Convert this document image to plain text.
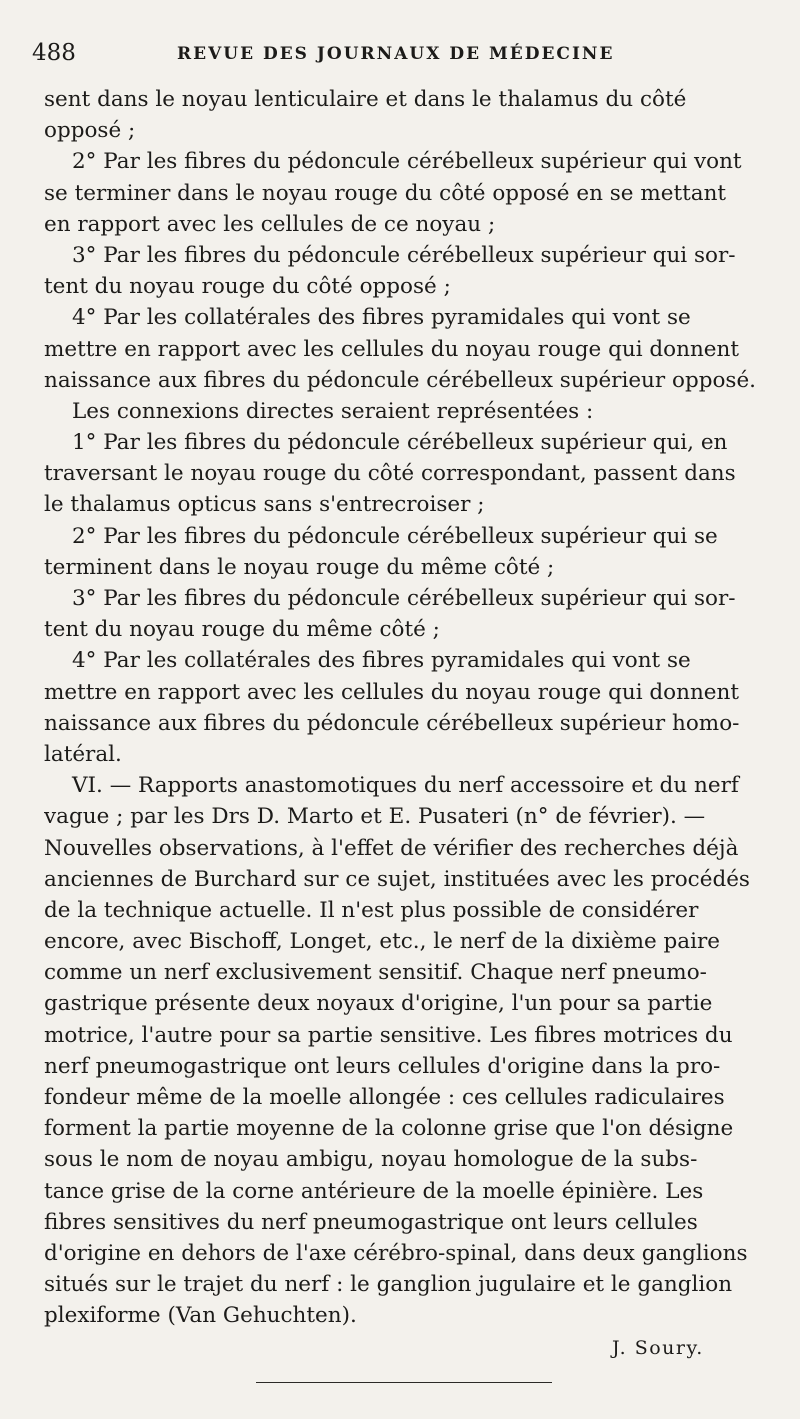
488	REVUE DES JOURNAUX DE MÉDECINE
sent dans le noyau lenticulaire et dans le thalamus du côté
opposé ;
2° Par les fibres du pédoncule cérébelleux supérieur qui vont
se terminer dans le noyau rouge du côté opposé en se mettant
en rapport avec les cellules de ce noyau ;
3° Par les fibres du pédoncule cérébelleux supérieur qui sor-
tent du noyau rouge du côté opposé ;
4° Par les collatérales des fibres pyramidales qui vont se
mettre en rapport avec les cellules du noyau rouge qui donnent
naissance aux fibres du pédoncule cérébelleux supérieur opposé.
Les connexions directes seraient représentées :
1° Par les fibres du pédoncule cérébelleux supérieur qui, en
traversant le noyau rouge du côté correspondant, passent dans
le thalamus opticus sans s'entrecroiser ;
2° Par les fibres du pédoncule cérébelleux supérieur qui se
terminent dans le noyau rouge du même côté ;
3° Par les fibres du pédoncule cérébelleux supérieur qui sor-
tent du noyau rouge du même côté ;
4° Par les collatérales des fibres pyramidales qui vont se
mettre en rapport avec les cellules du noyau rouge qui donnent
naissance aux fibres du pédoncule cérébelleux supérieur homo-
latéral.
VI. — Rapports anastomotiques du nerf accessoire et du nerf
vague ; par les Drs D. Marto et E. Pusateri (n° de février). —
Nouvelles observations, à l'effet de vérifier des recherches déjà
anciennes de Burchard sur ce sujet, instituées avec les procédés
de la technique actuelle. Il n'est plus possible de considérer
encore, avec Bischoff, Longet, etc., le nerf de la dixième paire
comme un nerf exclusivement sensitif. Chaque nerf pneumo-
gastrique présente deux noyaux d'origine, l'un pour sa partie
motrice, l'autre pour sa partie sensitive. Les fibres motrices du
nerf pneumogastrique ont leurs cellules d'origine dans la pro-
fondeur même de la moelle allongée : ces cellules radiculaires
forment la partie moyenne de la colonne grise que l'on désigne
sous le nom de noyau ambigu, noyau homologue de la subs-
tance grise de la corne antérieure de la moelle épinière. Les
fibres sensitives du nerf pneumogastrique ont leurs cellules
d'origine en dehors de l'axe cérébro-spinal, dans deux ganglions
situés sur le trajet du nerf : le ganglion jugulaire et le ganglion
plexiforme (Van Gehuchten).
J. Soury.
